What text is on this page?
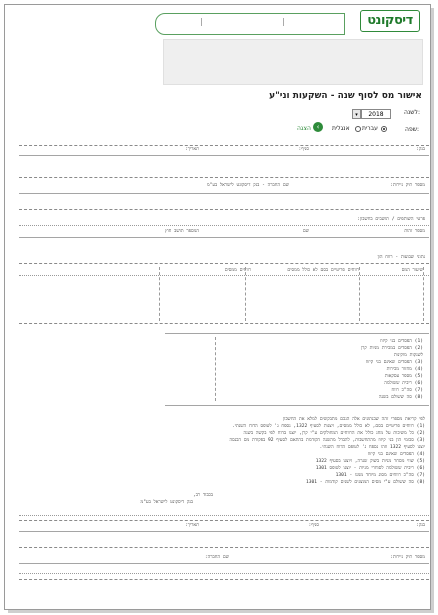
דיסקונט
אישור מס לסוף שנה - השקעות וני"ע
לשנה:
2018
▾
שפה:
עברית
אנגלית
‹
הצגה
בנק:
סניף:
תאריך:
מספר תיק ניירות:
שם החברה - בנק דיסקונט לישראל בע"מ
פרטי השותפים / תושבים בחשבון:
מספר זהות
שם
המספר תושב חוץ
נתוני שבועות - רווח הון
שיעור המס
רווחים פריטיים בסם לא כולל ממסים
רווחים ממסים
(1) הפסדים בני קיזוז
(2) הפסדים במכירת מניות קרן
לשנקות מוקינות
(3) הפסדים שאינם בני קיזוז
(4) מחזור מכירות
(5) מספר עסקאות
(6) ריבית ששולמה
(7) סה"כ רווח
(8) סה ששולם בשנה
לפי קריאת מספרי זהה שבנתונים אלה הנכם מתבקשים למלא את החשבון
(1) רווחים פריטיים בסם, לא כולל ממסים, ויצגות לסעיף 1322, נספח ג' לטופס הדוח השנתי.
(2) כל משיבות על מחנ כולל את הרווחים המחולקים ע"י קרן, יוצגו בדוח לפי בקשה בשנה
(3) סכומי הון בני קיזוז מהתחשבות, להבדל מהשנה הקודמת בהתאם לסעיף 92 בפקודת מס הכנסה
יוצגו לסעיף 1322 וזהו נספח ג' לטופס הדוח השנתי.
(4) הפסדים שאינם בני קיזוז
(5) שווי מסחר מניות בשוק שגרה, ויוצגו בסעיף 1322
(6) ריבית ששולמה לסוחרי מניות - יוצגו לטופס 1301
(7) סה"כ רווחים מסוג מיוחד ממנו - 1301
(8) סה ששולם ע"י מסים המוצגים לשנים קודמות - 1301
בכבוד רב,
בנק דיסקונט לישראל בע"מ
בנק:
סניף:
תאריך:
מספר תיק ניירות:
שם החברה:
